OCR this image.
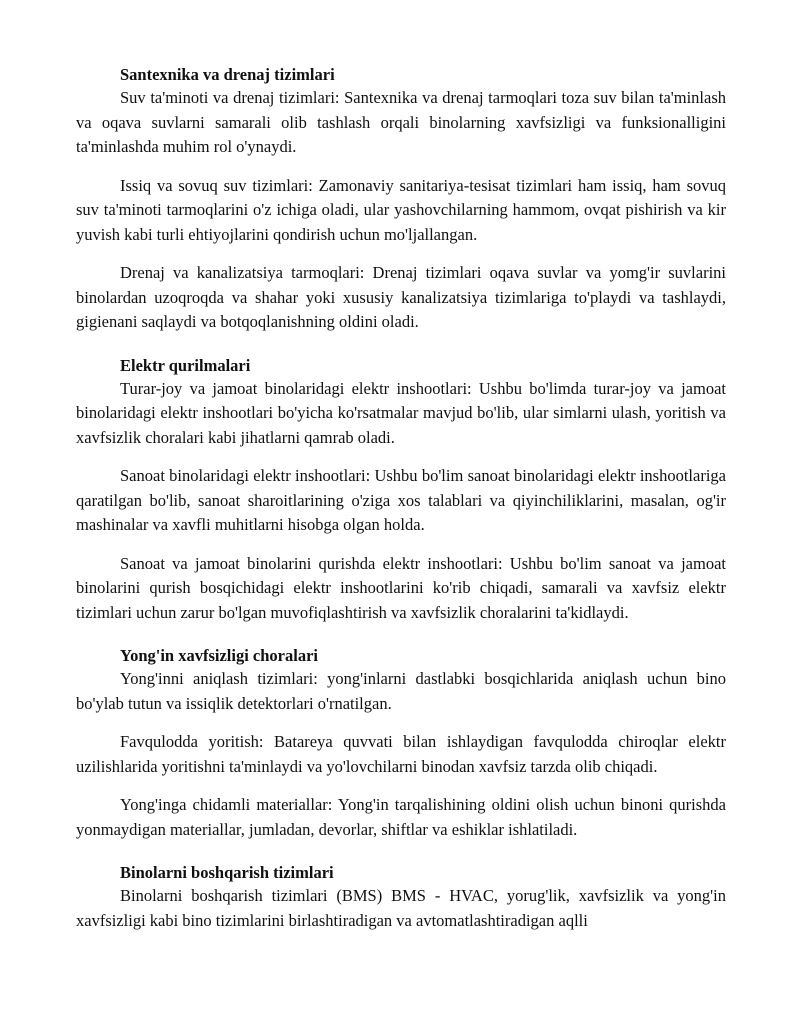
Santexnika va drenaj tizimlari

Suv ta'minoti va drenaj tizimlari: Santexnika va drenaj tarmoqlari toza suv bilan ta'minlash va oqava suvlarni samarali olib tashlash orqali binolarning xavfsizligi va funksionalligini ta'minlashda muhim rol o'ynaydi.

Issiq va sovuq suv tizimlari: Zamonaviy sanitariya-tesisat tizimlari ham issiq, ham sovuq suv ta'minoti tarmoqlarini o'z ichiga oladi, ular yashovchilarning hammom, ovqat pishirish va kir yuvish kabi turli ehtiyojlarini qondirish uchun mo'ljallangan.

Drenaj va kanalizatsiya tarmoqlari: Drenaj tizimlari oqava suvlar va yomg'ir suvlarini binolardan uzoqroqda va shahar yoki xususiy kanalizatsiya tizimlariga to'playdi va tashlaydi, gigienani saqlaydi va botqoqlanishning oldini oladi.

Elektr qurilmalari

Turar-joy va jamoat binolaridagi elektr inshootlari: Ushbu bo'limda turar-joy va jamoat binolaridagi elektr inshootlari bo'yicha ko'rsatmalar mavjud bo'lib, ular simlarni ulash, yoritish va xavfsizlik choralari kabi jihatlarni qamrab oladi.

Sanoat binolaridagi elektr inshootlari: Ushbu bo'lim sanoat binolaridagi elektr inshootlariga qaratilgan bo'lib, sanoat sharoitlarining o'ziga xos talablari va qiyinchiliklarini, masalan, og'ir mashinalar va xavfli muhitlarni hisobga olgan holda.

Sanoat va jamoat binolarini qurishda elektr inshootlari: Ushbu bo'lim sanoat va jamoat binolarini qurish bosqichidagi elektr inshootlarini ko'rib chiqadi, samarali va xavfsiz elektr tizimlari uchun zarur bo'lgan muvofiqlashtirish va xavfsizlik choralarini ta'kidlaydi.

Yong'in xavfsizligi choralari

Yong'inni aniqlash tizimlari: yong'inlarni dastlabki bosqichlarida aniqlash uchun bino bo'ylab tutun va issiqlik detektorlari o'rnatilgan.

Favqulodda yoritish: Batareya quvvati bilan ishlaydigan favqulodda chiroqlar elektr uzilishlarida yoritishni ta'minlaydi va yo'lovchilarni binodan xavfsiz tarzda olib chiqadi.

Yong'inga chidamli materiallar: Yong'in tarqalishining oldini olish uchun binoni qurishda yonmaydigan materiallar, jumladan, devorlar, shiftlar va eshiklar ishlatiladi.

Binolarni boshqarish tizimlari

Binolarni boshqarish tizimlari (BMS) BMS - HVAC, yorug'lik, xavfsizlik va yong'in xavfsizligi kabi bino tizimlarini birlashtiradigan va avtomatlashtiradigan aqlli
